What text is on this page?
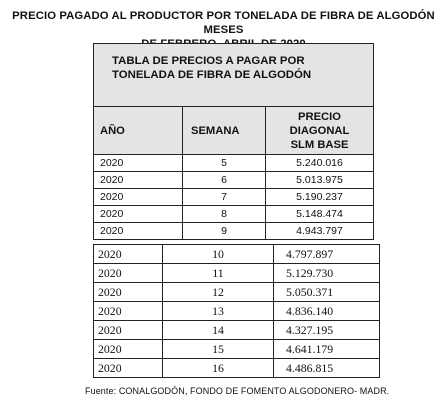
PRECIO PAGADO AL PRODUCTOR POR TONELADA DE FIBRA DE ALGODÓN MESES
TABLA DE PRECIOS A PAGAR POR
TONELADA DE FIBRA DE ALGODÓN		

AÑO	SEMANA	PRECIO
DIAGONAL
SLM BASE

2020	5	5.240.016
2020	6	5.013.975
2020	7	5.190.237
2020	8	5.148.474
2020	9	4.943.797
2020	10	4.797.897
2020	11	5.129.730
2020	12	5.050.371
2020	13	4.836.140
2020	14	4.327.195
2020	15	4.641.179
2020	16	4.486.815
Fuente: CONALGODÓN, FONDO DE FOMENTO ALGODONERO- MADR.
